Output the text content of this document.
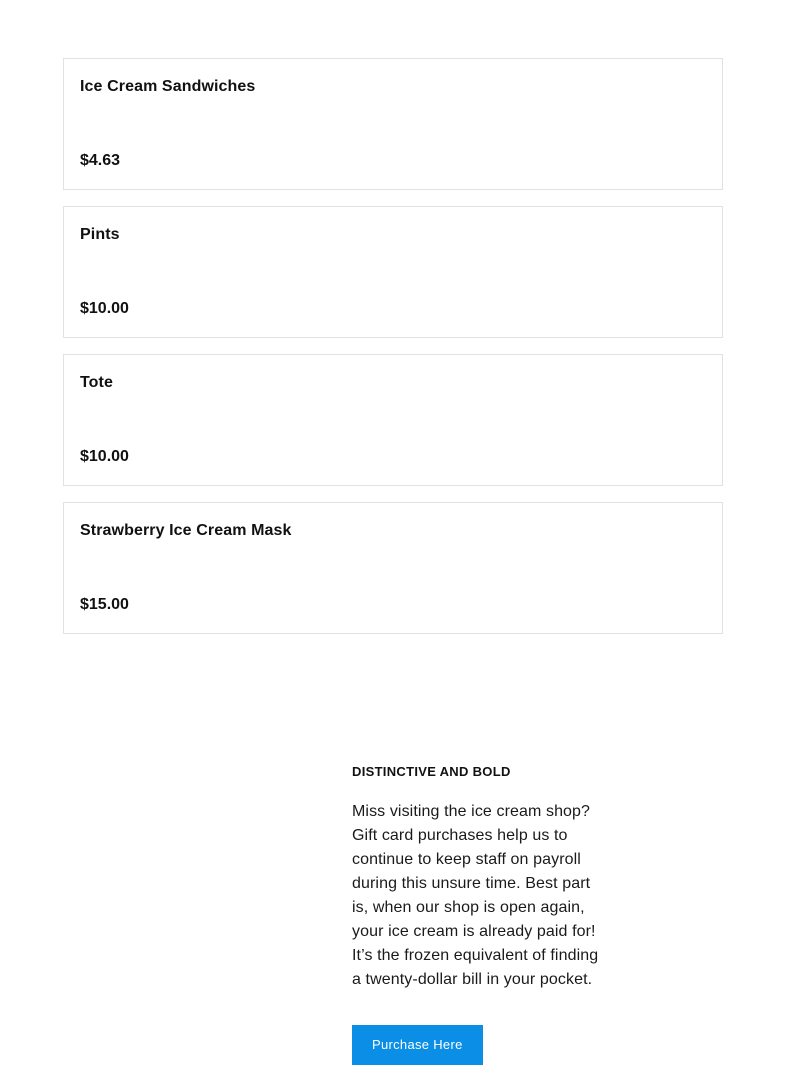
Ice Cream Sandwiches
$4.63
Pints
$10.00
Tote
$10.00
Strawberry Ice Cream Mask
$15.00
DISTINCTIVE AND BOLD

Miss visiting the ice cream shop? Gift card purchases help us to continue to keep staff on payroll during this unsure time. Best part is, when our shop is open again, your ice cream is already paid for! It’s the frozen equivalent of finding a twenty-dollar bill in your pocket.

Purchase Here
